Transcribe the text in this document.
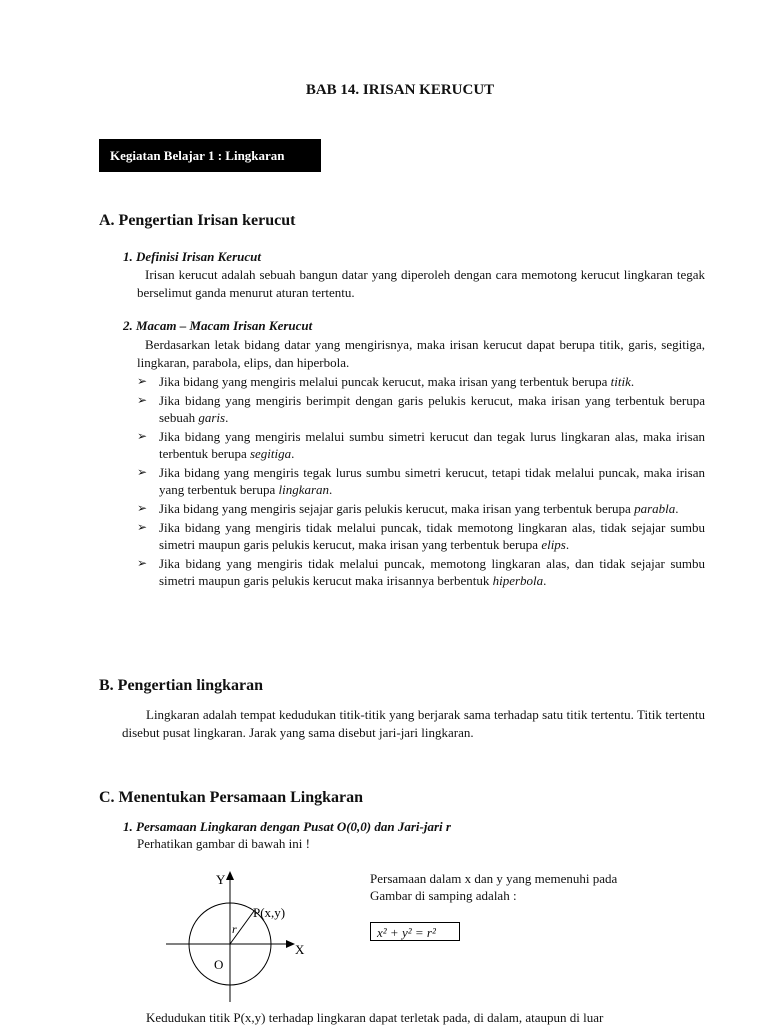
BAB 14. IRISAN KERUCUT
Kegiatan Belajar 1 : Lingkaran
A. Pengertian Irisan kerucut
1. Definisi Irisan Kerucut
Irisan kerucut adalah sebuah bangun datar yang diperoleh dengan cara memotong kerucut lingkaran tegak berselimut ganda menurut aturan tertentu.
2. Macam – Macam Irisan Kerucut
Berdasarkan letak bidang datar yang mengirisnya, maka irisan kerucut dapat berupa titik, garis, segitiga, lingkaran, parabola, elips, dan hiperbola.
➢ Jika bidang yang mengiris melalui puncak kerucut, maka irisan yang terbentuk berupa titik.
➢ Jika bidang yang mengiris berimpit dengan garis pelukis kerucut, maka irisan yang terbentuk berupa sebuah garis.
➢ Jika bidang yang mengiris melalui sumbu simetri kerucut dan tegak lurus lingkaran alas, maka irisan terbentuk berupa segitiga.
➢ Jika bidang yang mengiris tegak lurus sumbu simetri kerucut, tetapi tidak melalui puncak, maka irisan yang terbentuk berupa lingkaran.
➢ Jika bidang yang mengiris sejajar garis pelukis kerucut, maka irisan yang terbentuk berupa parabla.
➢ Jika bidang yang mengiris tidak melalui puncak, tidak memotong lingkaran alas, tidak sejajar sumbu simetri maupun garis pelukis kerucut, maka irisan yang terbentuk berupa elips.
➢ Jika bidang yang mengiris tidak melalui puncak, memotong lingkaran alas, dan tidak sejajar sumbu simetri maupun garis pelukis kerucut maka irisannya berbentuk hiperbola.
B. Pengertian lingkaran
Lingkaran adalah tempat kedudukan titik-titik yang berjarak sama terhadap satu titik tertentu. Titik tertentu disebut pusat lingkaran. Jarak yang sama disebut jari-jari lingkaran.
C. Menentukan Persamaan Lingkaran
1. Persamaan Lingkaran dengan Pusat O(0,0) dan Jari-jari r
Perhatikan gambar di bawah ini !
Y
X
P(x,y)
r
O
Persamaan dalam x dan y yang memenuhi pada
Gambar di samping adalah :
x² + y² = r²
Kedudukan titik P(x,y) terhadap lingkaran dapat terletak pada, di dalam, ataupun di luar
